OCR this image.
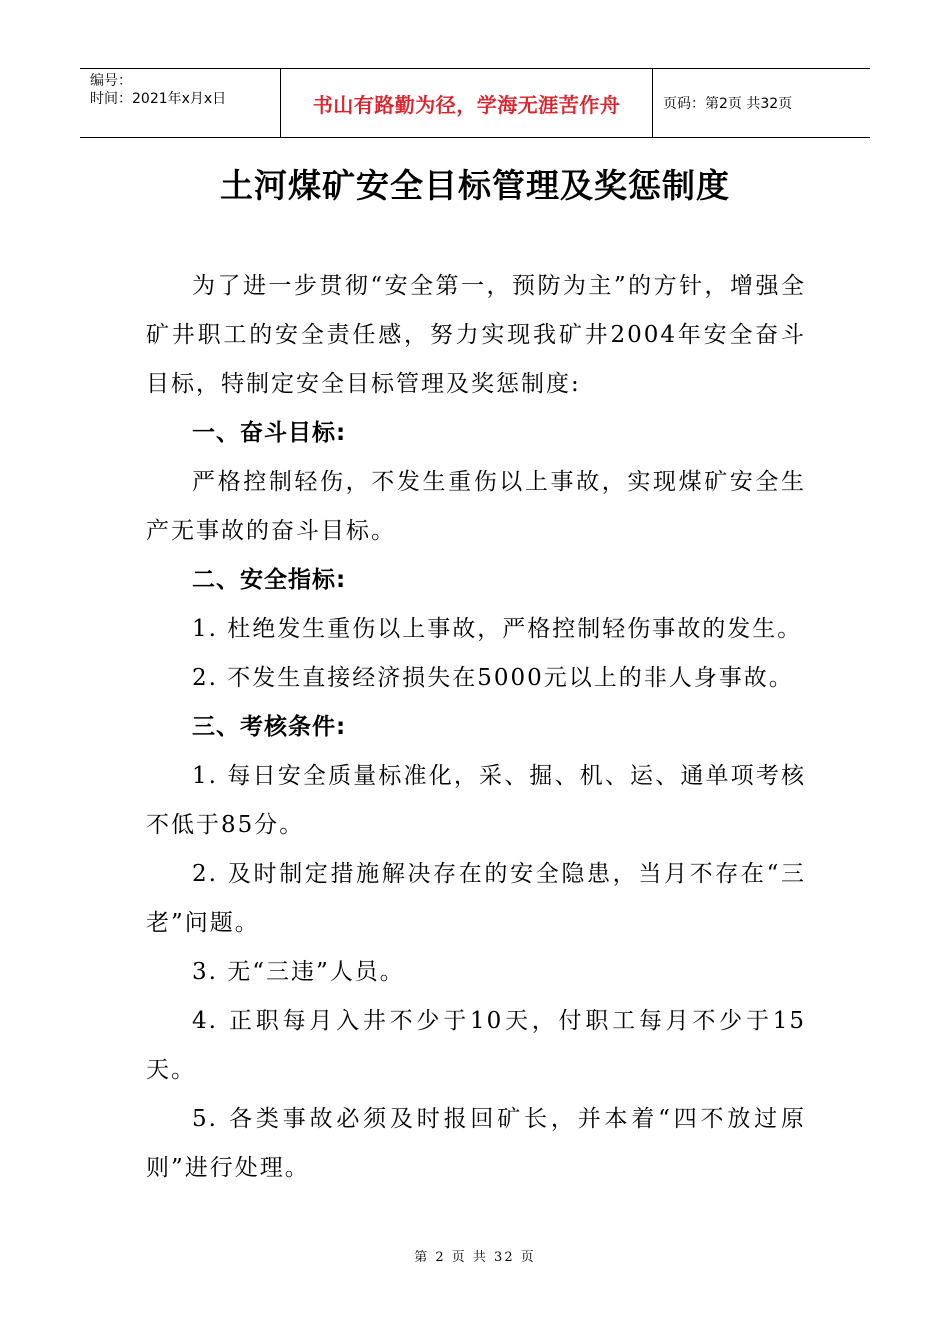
编号：
时间：2021年x月x日	书山有路勤为径，学海无涯苦作舟	页码：第2页 共32页
土河煤矿安全目标管理及奖惩制度

为了进一步贯彻“安全第一，预防为主”的方针，增强全矿井职工的安全责任感，努力实现我矿井2004年安全奋斗目标，特制定安全目标管理及奖惩制度:

一、奋斗目标:

严格控制轻伤，不发生重伤以上事故，实现煤矿安全生产无事故的奋斗目标。

二、安全指标:

1. 杜绝发生重伤以上事故，严格控制轻伤事故的发生。

2. 不发生直接经济损失在5000元以上的非人身事故。

三、考核条件:

1. 每日安全质量标准化，采、掘、机、运、通单项考核不低于85分。

2. 及时制定措施解决存在的安全隐患，当月不存在“三老”问题。

3. 无“三违”人员。

4. 正职每月入井不少于10天，付职工每月不少于15天。

5. 各类事故必须及时报回矿长，并本着“四不放过原则”进行处理。

第 2 页 共 32 页
